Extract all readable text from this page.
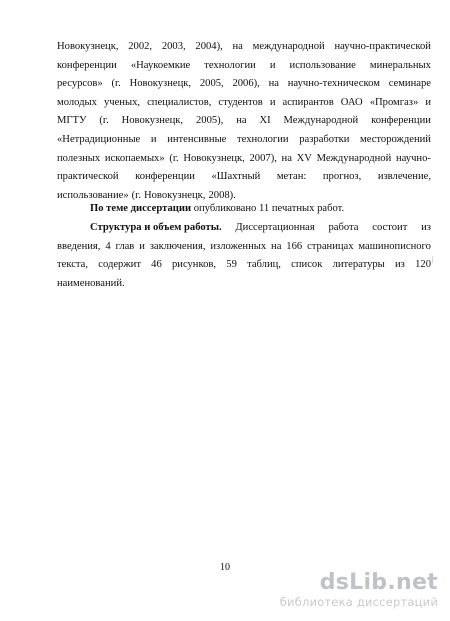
Новокузнецк, 2002, 2003, 2004), на международной научно-практической
конференции «Наукоемкие технологии и использование минеральных
ресурсов» (г. Новокузнецк, 2005, 2006), на научно-техническом семинаре
молодых ученых, специалистов, студентов и аспирантов ОАО «Промгаз» и
МГТУ (г. Новокузнецк, 2005), на XI Международной конференции
«Нетрадиционные и интенсивные технологии разработки месторождений
полезных ископаемых» (г. Новокузнецк, 2007), на XV Международной научно-
практической конференции «Шахтный метан: прогноз, извлечение,
использование» (г. Новокузнецк, 2008).
По теме диссертации опубликовано 11 печатных работ.
Структура и объем работы. Диссертационная работа состоит из
введения, 4 глав и заключения, изложенных на 166 страницах машинописного
текста, содержит 46 рисунков, 59 таблиц, список литературы из 120
наименований.
10
dsLib.net
библиотека диссертаций
